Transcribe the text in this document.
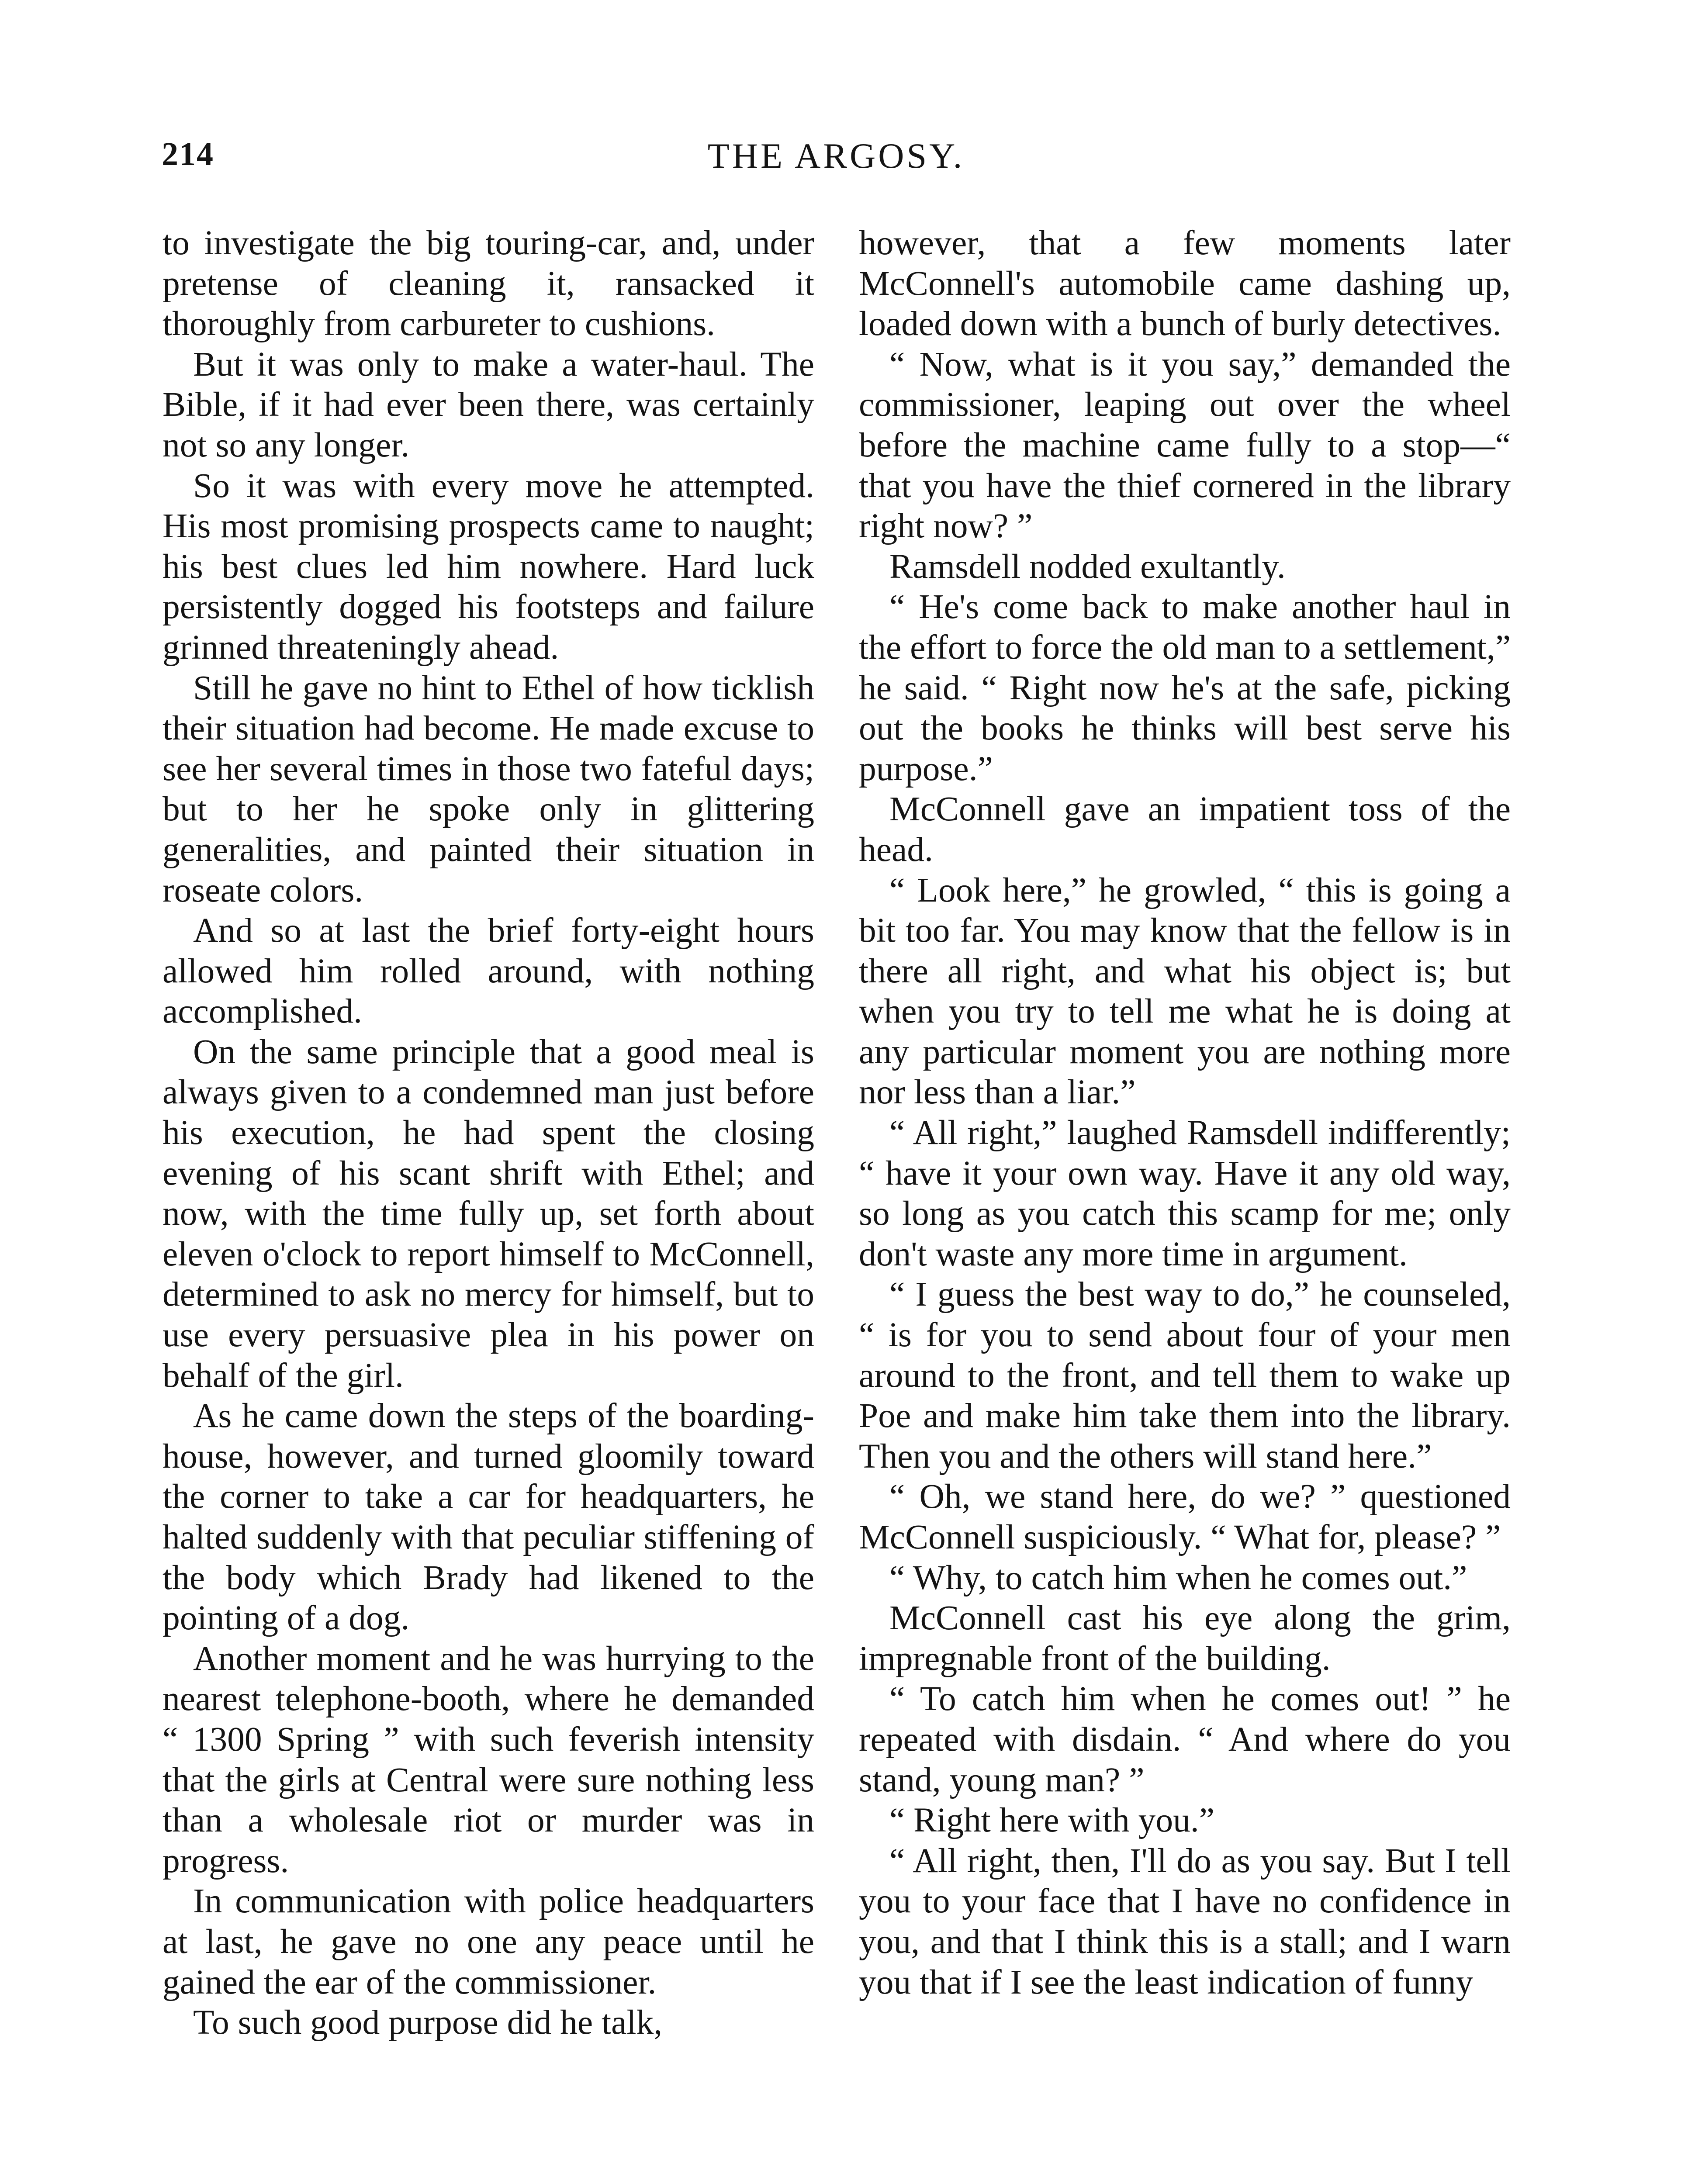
214	THE ARGOSY.

to investigate the big touring-car, and, under pretense of cleaning it, ransacked it thoroughly from carbureter to cushions.

But it was only to make a water-haul. The Bible, if it had ever been there, was certainly not so any longer.

So it was with every move he attempted. His most promising prospects came to naught; his best clues led him nowhere. Hard luck persistently dogged his footsteps and failure grinned threateningly ahead.

Still he gave no hint to Ethel of how ticklish their situation had become. He made excuse to see her several times in those two fateful days; but to her he spoke only in glittering generalities, and painted their situation in roseate colors.

And so at last the brief forty-eight hours allowed him rolled around, with nothing accomplished.

On the same principle that a good meal is always given to a condemned man just before his execution, he had spent the closing evening of his scant shrift with Ethel; and now, with the time fully up, set forth about eleven o'clock to report himself to McConnell, determined to ask no mercy for himself, but to use every persuasive plea in his power on behalf of the girl.

As he came down the steps of the boarding-house, however, and turned gloomily toward the corner to take a car for headquarters, he halted suddenly with that peculiar stiffening of the body which Brady had likened to the pointing of a dog.

Another moment and he was hurrying to the nearest telephone-booth, where he demanded “ 1300 Spring ” with such feverish intensity that the girls at Central were sure nothing less than a wholesale riot or murder was in progress.

In communication with police headquarters at last, he gave no one any peace until he gained the ear of the commissioner.

To such good purpose did he talk,

however, that a few moments later McConnell's automobile came dashing up, loaded down with a bunch of burly detectives.

“ Now, what is it you say,” demanded the commissioner, leaping out over the wheel before the machine came fully to a stop—“ that you have the thief cornered in the library right now? ”

Ramsdell nodded exultantly.

“ He's come back to make another haul in the effort to force the old man to a settlement,” he said. “ Right now he's at the safe, picking out the books he thinks will best serve his purpose.”

McConnell gave an impatient toss of the head.

“ Look here,” he growled, “ this is going a bit too far. You may know that the fellow is in there all right, and what his object is; but when you try to tell me what he is doing at any particular moment you are nothing more nor less than a liar.”

“ All right,” laughed Ramsdell indifferently; “ have it your own way. Have it any old way, so long as you catch this scamp for me; only don't waste any more time in argument.

“ I guess the best way to do,” he counseled, “ is for you to send about four of your men around to the front, and tell them to wake up Poe and make him take them into the library. Then you and the others will stand here.”

“ Oh, we stand here, do we? ” questioned McConnell suspiciously. “ What for, please? ”

“ Why, to catch him when he comes out.”

McConnell cast his eye along the grim, impregnable front of the building.

“ To catch him when he comes out! ” he repeated with disdain. “ And where do you stand, young man? ”

“ Right here with you.”

“ All right, then, I'll do as you say. But I tell you to your face that I have no confidence in you, and that I think this is a stall; and I warn you that if I see the least indication of funny
